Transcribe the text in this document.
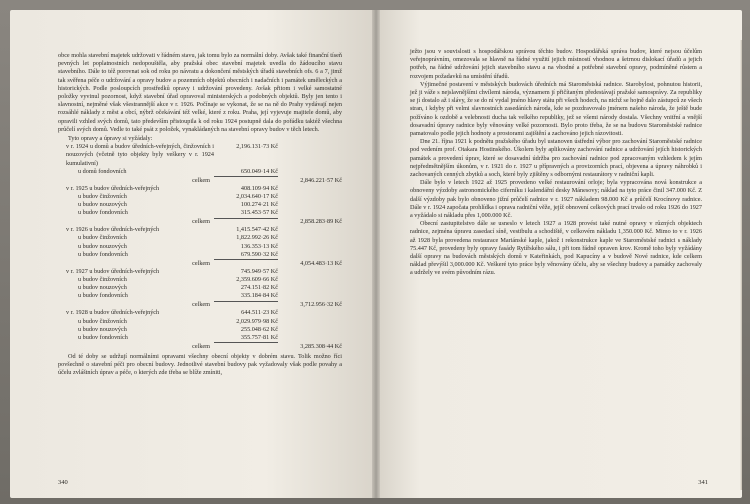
obce mohla stavební majetek udržovati v řádném stavu, jak tomu bylo za normální doby. Avšak také finanční tíseň pevných let poplatnostních nedopouštěla, aby pražská obec stavební majetek uvedla do žádoucího stavu stavebního. Dále to též porovnat sok od roku po návratu a dokončení městských úřadů stavebních ofs. 6 a 7, jimž tak svěřena péče o udržování a opravy budov a pozemních objektů obecních i nadačních i památek uměleckých a historických. Podle posloupcích prostředků opravy i udržování provedeny. Avšak přitom i velké samostatné položky vyvinul pozornost, když stavební úřad opravoval ministerských a podobných objektů. Byly jen tento i slavnostní, nejměné však všestrannější akce v r. 1926. Počínaje se vykonat, že se na ně do Prahy vydávají nejen rozsáhlé náklady z měst a obcí, nýbrž očekávání též velké, které z roku. Praha, její vyjevuje majitele domů, aby opravili vzhled svých domů, tato především přistoupila k od roku 1924 postupně dala do pořádku taktéž všechna průčelí svých domů. Vedle to také psát z položek, vynakládaných na stavební opravy budov v těch letech.

Tyto opravy a úpravy si vyžádaly:

v r. 1924 u domů a budov úředních-veřejných, činžovních i nouzových (včetně tyto objekty byly veškery v r. 1924 kumulativní)	2,196.131·73 Kč	
u domů fondovních	650.049·14 Kč	
celkem		2,846.221·57 Kč
v r. 1925 u budov úředních-veřejných	408.109·94 Kč	
u budov činžovních	2,034.640·17 Kč	
u budov nouzových	100.274·21 Kč	
u budov fondovních	315.453·57 Kč	
celkem		2,858.283·89 Kč
v r. 1926 u budov úředních-veřejných	1,415.547·42 Kč	
u budov činžovních	1,822.992·26 Kč	
u budov nouzových	136.353·13 Kč	
u budov fondovních	679.590·32 Kč	
celkem		4,054.483·13 Kč
v r. 1927 u budov úředních-veřejných	745.949·57 Kč	
u budov činžovních	2,359.609·66 Kč	
u budov nouzových	274.151·82 Kč	
u budov fondovních	335.184·84 Kč	
celkem		3,712.956·32 Kč
v r. 1928 u budov úředních-veřejných	644.511·23 Kč	
u budov činžovních	2,029.979·98 Kč	
u budov nouzových	255.048·62 Kč	
u budov fondovních	355.757·81 Kč	
celkem		3,285.308·44 Kč

Od té doby se udržují normálními opravami všechny obecní objekty v dobrém stavu. Tolik možno říci povšechně o stavební péči pro obecní budovy. Jednotlivé stavební budovy pak vyžadovaly však podle povahy a účelu zvláštních úprav a péče, o kterých zde třeba se blíže zmíniti,

340

ježto jsou v souvislosti s hospodářskou správou těchto budov. Hospodářská správa budov, které nejsou účelům veřejnoprávním, omezovala se hlavně na řádné využití jejich místností vhodnou a šetrnou dislokací úřadů a jejich potřeb, na řádné udržování jejich stavebního stavu a na vhodné a potřebné stavební opravy, podmíněné růstem a rozvojem požadavků na umístění úřadů.

Výjimečné postavení v městských budovách úředních má Staroměstská radnice. Starobylost, pohnutou historii, jež ji váže s nejslavnějšími chvílemi národa, významem jí přičítaným předestávají pražské samosprávy. Za republiky se jí dostalo až i slávy, že se do ní vydal jméno hlavy státu při všech hodech, na nichž se hojně dalo zástupců ze všech stran, i kdyby při velmi slavnostních zasedáních národa, kde se pozdravovalo jménem našeho národa, že ještě bude požíváno k ozdobě a velebnosti ducha tak velkého republiky, jež se všemi národy dostala. Všechny vnitřní a vnější dosavadní úpravy radnice byly věnovány velké pozornosti. Bylo proto třeba, že se na budovu Staroměstské radnice pamatovalo podle jejich hodnoty a prostorami zajištění a zachováno jejich rázovitosti.

Dne 21. října 1921 k podnětu pražského úřadu byl ustanoven ústřední výbor pro zachování Staroměstské radnice pod vedením prof. Otakara Hostinského. Úkolem byly aplikovány zachování radnice a udržování jejích historických památek a provedení úprav, které se dosavadní údržba pro zachování radnice pod zpracovaným vzhledem k jejím nejpředmětnějším úkonům, v r. 1921 do r. 1927 u přípravných a provizorních prací, objevena a úpravy náhrobků i zachovaných cenných zbytků a soch, které byly zjištěny s odbornými restaurátory v radniční kapli.

Dále bylo v letech 1922 až 1925 provedeno velké restaurování orloje; byla vypracována nová konstrukce a obnoveny výzdoby astronomického ciferníku i kalendářní desky Mánesovy; náklad na tyto práce činil 347.000 Kč. Z další výzdoby pak bylo obnoveno jižní průčelí radnice v r. 1927 nákladem 98.000 Kč a průčelí Krocínovy radnice. Dále v r. 1924 započata prohlídka i oprava radniční věže, jejíž obnovení celkových prací trvalo od roku 1926 do 1927 a vyžádalo si nákladu přes 1,000.000 Kč.

Obecní zastupitelstvo dále se usneslo v letech 1927 a 1928 provést také nutné opravy v různých objektech radnice, zejména úpravu zasedací síně, vestibulu a schodiště, v celkovém nákladu 1,350.000 Kč. Mimo to v r. 1926 až 1928 byla provedena restaurace Mariánské kaple, jakož i rekonstrukce kaple ve Staroměstské radnici s náklady 75.447 Kč, provedeny byly opravy fasády Rytířského sálu, i při tom řádně opraven krov. Kromě toho byly vyžádány další opravy na budovách městských domů v Kateřinkách, pod Kapucíny a v budově Nové radnice, kde celkem náklad převýšil 3,000.000 Kč. Veškeré tyto práce byly věnovány účelu, aby se všechny budovy a památky zachovaly a udržely ve svém původním rázu.

341
